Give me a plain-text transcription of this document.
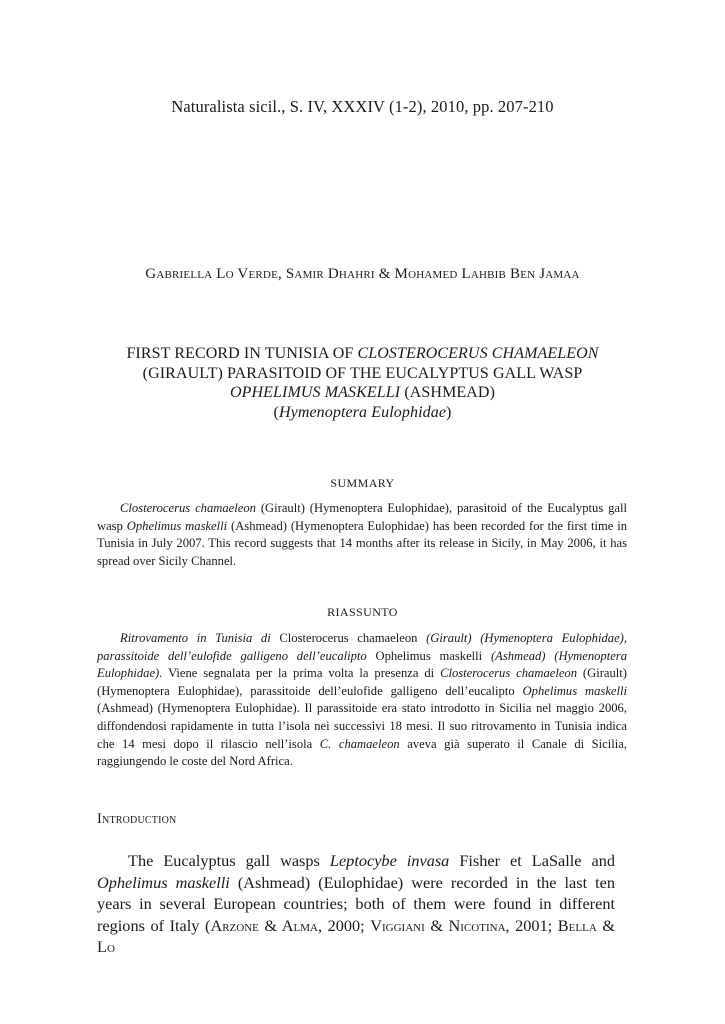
Naturalista sicil., S. IV, XXXIV (1-2), 2010, pp. 207-210
Gabriella Lo Verde, Samir Dhahri & Mohamed Lahbib Ben Jamaa
FIRST RECORD IN TUNISIA OF CLOSTEROCERUS CHAMAELEON
(GIRAULT) PARASITOID OF THE EUCALYPTUS GALL WASP
OPHELIMUS MASKELLI (ASHMEAD)
(Hymenoptera Eulophidae)
SUMMARY
Closterocerus chamaeleon (Girault) (Hymenoptera Eulophidae), parasitoid of the Eucalyptus gall wasp Ophelimus maskelli (Ashmead) (Hymenoptera Eulophidae) has been recorded for the first time in Tunisia in July 2007. This record suggests that 14 months after its release in Sicily, in May 2006, it has spread over Sicily Channel.
RIASSUNTO
Ritrovamento in Tunisia di Closterocerus chamaeleon (Girault) (Hymenoptera Eulophidae), parassitoide dell’eulofide galligeno dell’eucalipto Ophelimus maskelli (Ashmead) (Hymenoptera Eulophidae). Viene segnalata per la prima volta la presenza di Closterocerus chamaeleon (Girault) (Hymenoptera Eulophidae), parassitoide dell’eulofide galligeno dell’eucalipto Ophelimus maskelli (Ashmead) (Hymenoptera Eulophidae). Il parassitoide era stato introdotto in Sicilia nel maggio 2006, diffondendosi rapidamente in tutta l’isola nei successivi 18 mesi. Il suo ritrovamento in Tunisia indica che 14 mesi dopo il rilascio nell’isola C. chamaeleon aveva già superato il Canale di Sicilia, raggiungendo le coste del Nord Africa.
Introduction
The Eucalyptus gall wasps Leptocybe invasa Fisher et LaSalle and Ophelimus maskelli (Ashmead) (Eulophidae) were recorded in the last ten years in several European countries; both of them were found in different regions of Italy (Arzone & Alma, 2000; Viggiani & Nicotina, 2001; Bella & Lo
